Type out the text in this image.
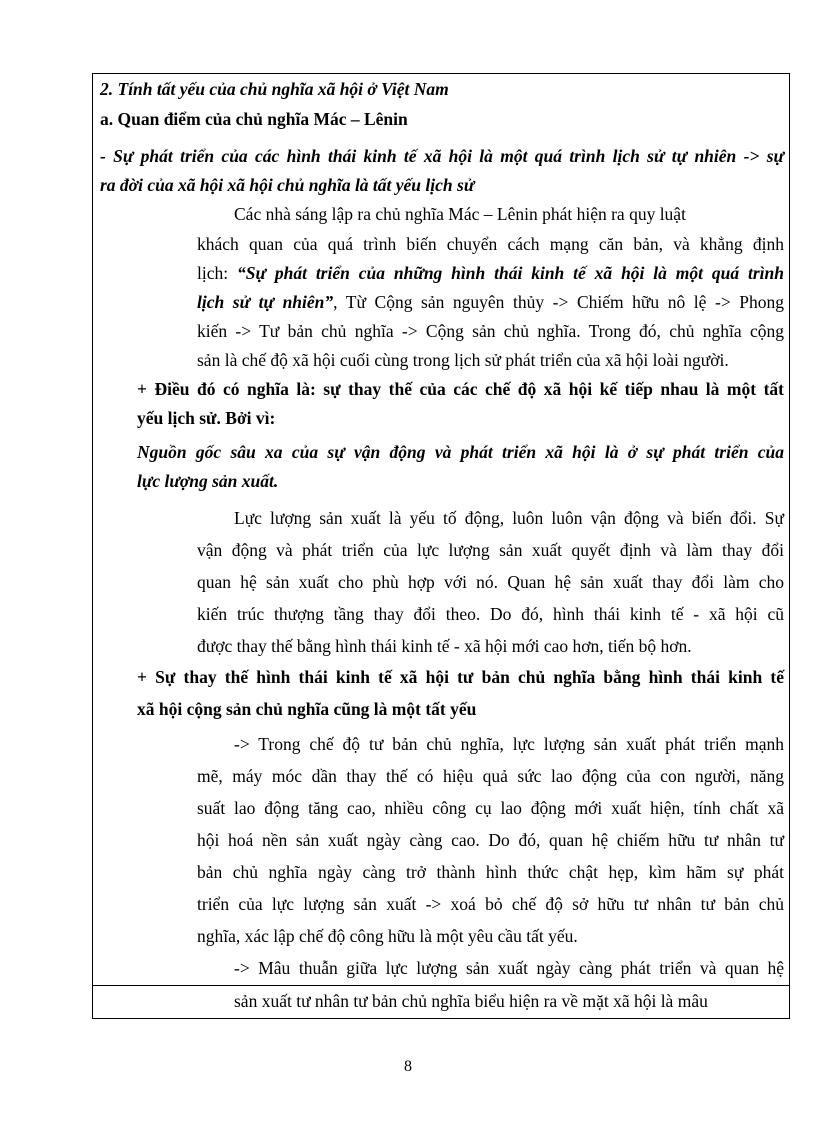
2. Tính tất yếu của chủ nghĩa xã hội ở Việt Nam
a. Quan điểm của chủ nghĩa Mác – Lênin
- Sự phát triển của các hình thái kinh tế xã hội là một quá trình lịch sử tự nhiên -> sự
ra đời của xã hội xã hội chủ nghĩa là tất yếu lịch sử
Các nhà sáng lập ra chủ nghĩa Mác – Lênin phát hiện ra quy luật
khách quan của quá trình biến chuyển cách mạng căn bản, và khẳng định
lịch: “Sự phát triển của những hình thái kinh tế xã hội là một quá trình
lịch sử tự nhiên”, Từ Cộng sản nguyên thủy -> Chiếm hữu nô lệ -> Phong
kiến -> Tư bản chủ nghĩa -> Cộng sản chủ nghĩa. Trong đó, chủ nghĩa cộng
sản là chế độ xã hội cuối cùng trong lịch sử phát triển của xã hội loài người.
+ Điều đó có nghĩa là: sự thay thế của các chế độ xã hội kế tiếp nhau là một tất
yếu lịch sử. Bởi vì:
Nguồn gốc sâu xa của sự vận động và phát triển xã hội là ở sự phát triển của
lực lượng sản xuất.
Lực lượng sản xuất là yếu tố động, luôn luôn vận động và biến đổi. Sự
vận động và phát triển của lực lượng sản xuất quyết định và làm thay đổi
quan hệ sản xuất cho phù hợp với nó. Quan hệ sản xuất thay đổi làm cho
kiến trúc thượng tầng thay đổi theo. Do đó, hình thái kinh tế - xã hội cũ
được thay thế bằng hình thái kinh tế - xã hội mới cao hơn, tiến bộ hơn.
+ Sự thay thế hình thái kinh tế xã hội tư bản chủ nghĩa bằng hình thái kinh tế
xã hội cộng sản chủ nghĩa cũng là một tất yếu
-> Trong chế độ tư bản chủ nghĩa, lực lượng sản xuất phát triển mạnh
mẽ, máy móc dần thay thế có hiệu quả sức lao động của con người, năng
suất lao động tăng cao, nhiều công cụ lao động mới xuất hiện, tính chất xã
hội hoá nền sản xuất ngày càng cao. Do đó, quan hệ chiếm hữu tư nhân tư
bản chủ nghĩa ngày càng trở thành hình thức chật hẹp, kìm hãm sự phát
triển của lực lượng sản xuất -> xoá bỏ chế độ sở hữu tư nhân tư bản chủ
nghĩa, xác lập chế độ công hữu là một yêu cầu tất yếu.
-> Mâu thuẫn giữa lực lượng sản xuất ngày càng phát triển và quan hệ
sản xuất tư nhân tư bản chủ nghĩa biểu hiện ra về mặt xã hội là mâu
8
